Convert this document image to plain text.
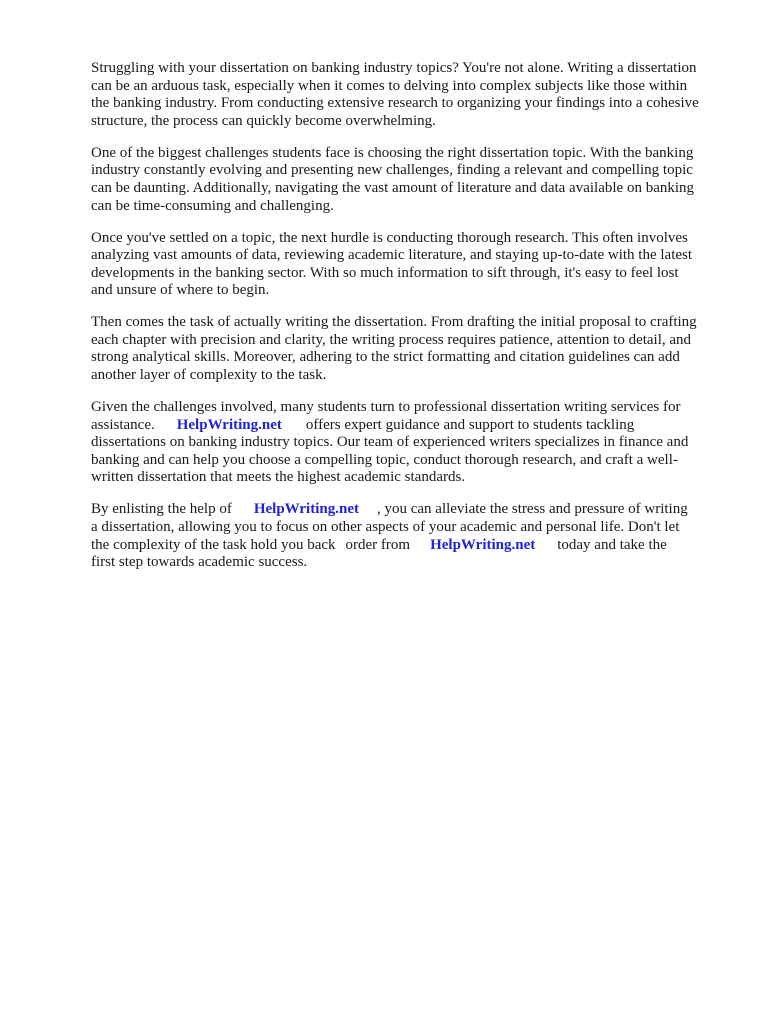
Struggling with your dissertation on banking industry topics? You're not alone. Writing a dissertation
can be an arduous task, especially when it comes to delving into complex subjects like those within
the banking industry. From conducting extensive research to organizing your findings into a cohesive
structure, the process can quickly become overwhelming.

One of the biggest challenges students face is choosing the right dissertation topic. With the banking
industry constantly evolving and presenting new challenges, finding a relevant and compelling topic
can be daunting. Additionally, navigating the vast amount of literature and data available on banking
can be time-consuming and challenging.

Once you've settled on a topic, the next hurdle is conducting thorough research. This often involves
analyzing vast amounts of data, reviewing academic literature, and staying up-to-date with the latest
developments in the banking sector. With so much information to sift through, it's easy to feel lost
and unsure of where to begin.

Then comes the task of actually writing the dissertation. From drafting the initial proposal to crafting
each chapter with precision and clarity, the writing process requires patience, attention to detail, and
strong analytical skills. Moreover, adhering to the strict formatting and citation guidelines can add
another layer of complexity to the task.

Given the challenges involved, many students turn to professional dissertation writing services for
assistance. HelpWriting.net offers expert guidance and support to students tackling
dissertations on banking industry topics. Our team of experienced writers specializes in finance and
banking and can help you choose a compelling topic, conduct thorough research, and craft a well-
written dissertation that meets the highest academic standards.

By enlisting the help of HelpWriting.net , you can alleviate the stress and pressure of writing
a dissertation, allowing you to focus on other aspects of your academic and personal life. Don't let
the complexity of the task hold you back order from HelpWriting.net today and take the
first step towards academic success.
